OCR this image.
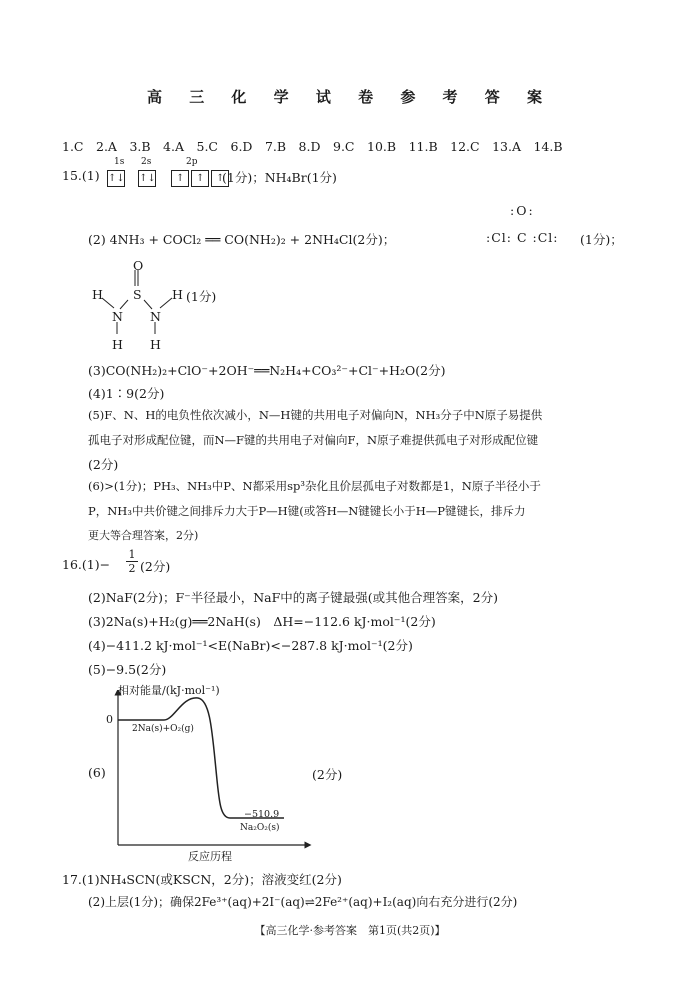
高 三 化 学 试 卷 参 考 答 案
1.C　2.A　3.B　4.A　5.C　6.D　7.B　8.D　9.C　10.B　11.B　12.C　13.A　14.B
15.(1)
1s 2s	2p
↑↓ ↑↓ ↑ ↑ ↑
(1分)；NH₄Br(1分)
(2) 4NH₃ + COCl₂ ══ CO(NH₂)₂ + 2NH₄Cl(2分)；
:O:
:Cl: C :Cl: (1分)；
O
S
H	H
N N
H H
(1分)
(3)CO(NH₂)₂+ClO⁻+2OH⁻══N₂H₄+CO₃²⁻+Cl⁻+H₂O(2分)
(4)1∶9(2分)
(5)F、N、H的电负性依次减小，N—H键的共用电子对偏向N，NH₃分子中N原子易提供
孤电子对形成配位键，而N—F键的共用电子对偏向F，N原子难提供孤电子对形成配位键
(2分)
(6)>(1分)；PH₃、NH₃中P、N都采用sp³杂化且价层孤电子对数都是1，N原子半径小于
P，NH₃中共价键之间排斥力大于P—H键(或答H—N键键长小于H—P键键长，排斥力
更大等合理答案，2分)
$16.(1)- \frac{1}{2} (2$分)
(2)NaF(2分)；F⁻半径最小，NaF中的离子键最强(或其他合理答案，2分)
(3)2Na(s)+H₂(g)══2NaH(s)　ΔH=−112.6 kJ·mol⁻¹(2分)
(4)−411.2 kJ·mol⁻¹<E(NaBr)<−287.8 kJ·mol⁻¹(2分)
(5)−9.5(2分)
(6)	(2分)
相对能量/(kJ·mol⁻¹)
0
2Na(s)+O₂(g)
−510.9
Na₂O₂(s)
反应历程
17.(1)NH₄SCN(或KSCN，2分)；溶液变红(2分)
(2)上层(1分)；确保2Fe³⁺(aq)+2I⁻(aq)⇌2Fe²⁺(aq)+I₂(aq)向右充分进行(2分)
【高三化学·参考答案　第1页(共2页)】
